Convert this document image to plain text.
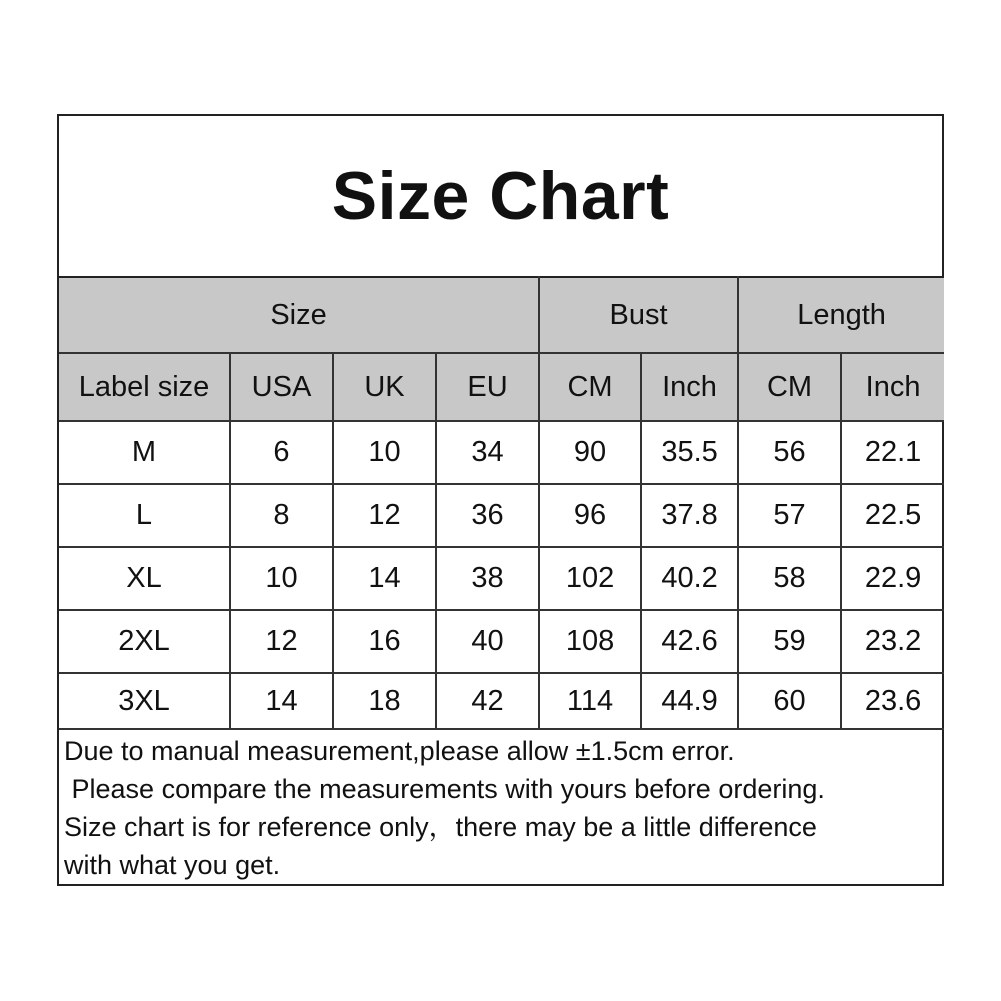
Size Chart
Size				Bust		Length	
Label size	USA	UK	EU	CM	Inch	CM	Inch
M	6	10	34	90	35.5	56	22.1
L	8	12	36	96	37.8	57	22.5
XL	10	14	38	102	40.2	58	22.9
2XL	12	16	40	108	42.6	59	23.2
3XL	14	18	42	114	44.9	60	23.6
Due to manual measurement,please allow ±1.5cm error.
Please compare the measurements with yours before ordering.
Size chart is for reference only，there may be a little difference
with what you get.
